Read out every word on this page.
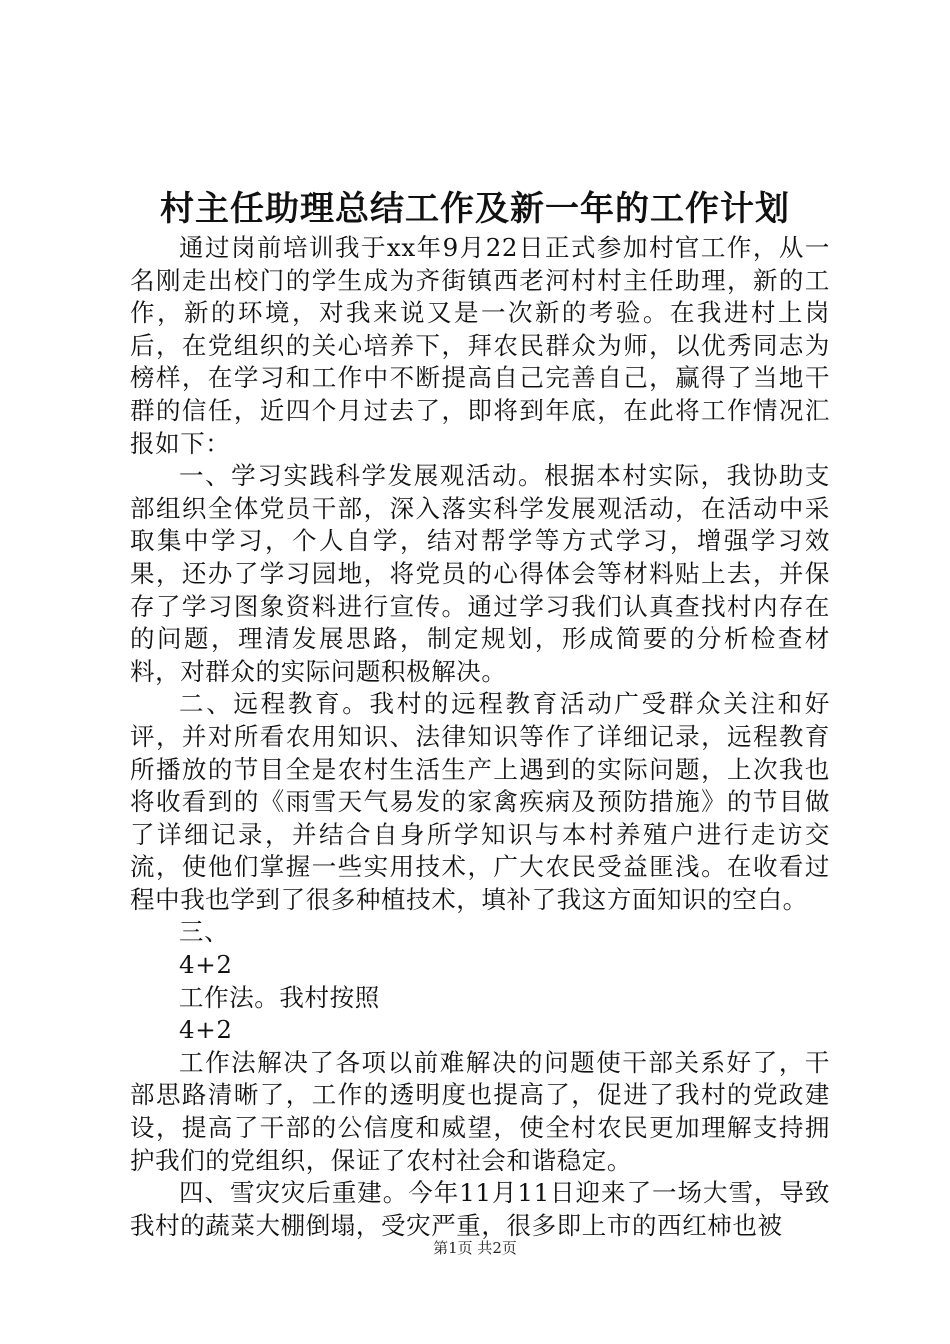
村主任助理总结工作及新一年的工作计划

通过岗前培训我于xx年9月22日正式参加村官工作，从一名刚走出校门的学生成为齐街镇西老河村村主任助理，新的工作，新的环境，对我来说又是一次新的考验。在我进村上岗后，在党组织的关心培养下，拜农民群众为师，以优秀同志为榜样，在学习和工作中不断提高自己完善自己，赢得了当地干群的信任，近四个月过去了，即将到年底，在此将工作情况汇报如下：

一、学习实践科学发展观活动。根据本村实际，我协助支部组织全体党员干部，深入落实科学发展观活动，在活动中采取集中学习，个人自学，结对帮学等方式学习，增强学习效果，还办了学习园地，将党员的心得体会等材料贴上去，并保存了学习图象资料进行宣传。通过学习我们认真查找村内存在的问题，理清发展思路，制定规划，形成简要的分析检查材料，对群众的实际问题积极解决。

二、远程教育。我村的远程教育活动广受群众关注和好评，并对所看农用知识、法律知识等作了详细记录，远程教育所播放的节目全是农村生活生产上遇到的实际问题，上次我也将收看到的《雨雪天气易发的家禽疾病及预防措施》的节目做了详细记录，并结合自身所学知识与本村养殖户进行走访交流，使他们掌握一些实用技术，广大农民受益匪浅。在收看过程中我也学到了很多种植技术，填补了我这方面知识的空白。

三、

4+2

工作法。我村按照

4+2

工作法解决了各项以前难解决的问题使干部关系好了，干部思路清晰了，工作的透明度也提高了，促进了我村的党政建设，提高了干部的公信度和威望，使全村农民更加理解支持拥护我们的党组织，保证了农村社会和谐稳定。

四、雪灾灾后重建。今年11月11日迎来了一场大雪，导致我村的蔬菜大棚倒塌，受灾严重，很多即上市的西红柿也被

第1页 共2页
